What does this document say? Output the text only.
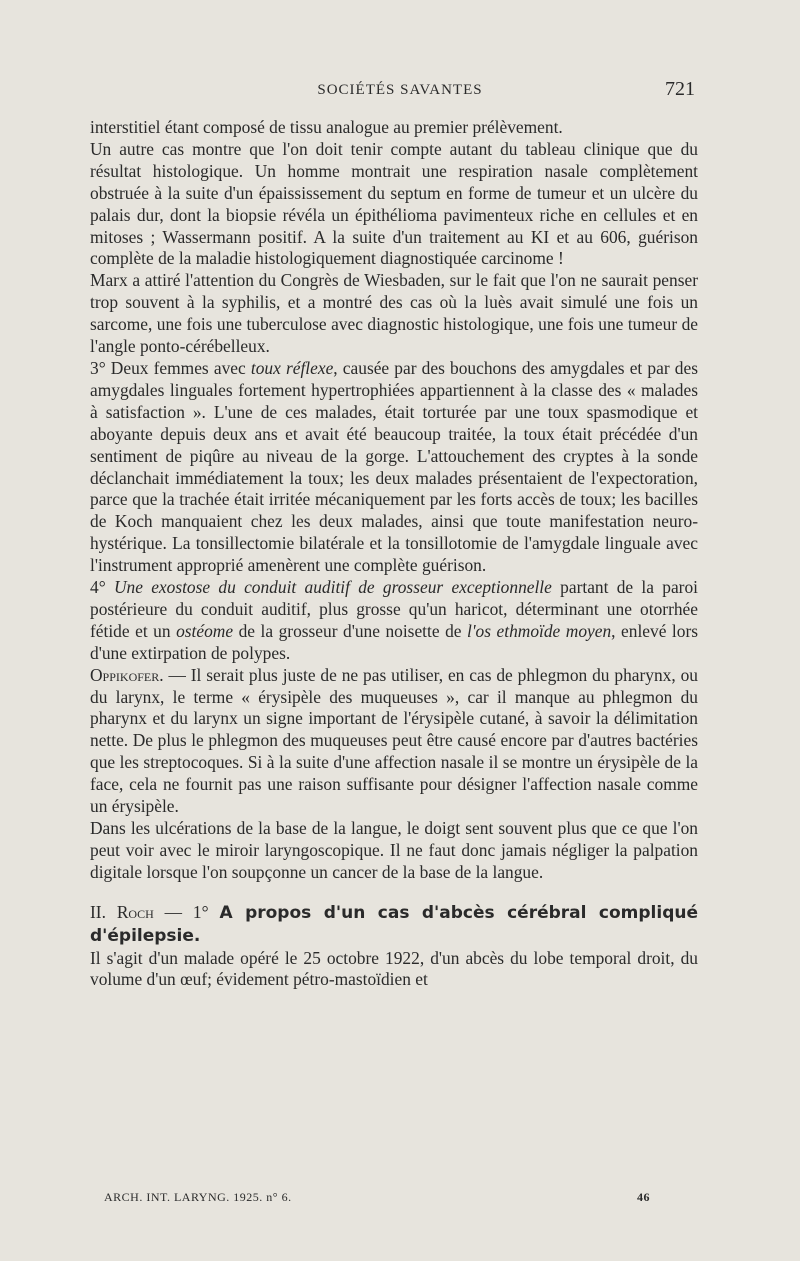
SOCIÉTÉS SAVANTES	721

interstitiel étant composé de tissu analogue au premier prélèvement.

Un autre cas montre que l'on doit tenir compte autant du tableau clinique que du résultat histologique. Un homme montrait une respiration nasale complètement obstruée à la suite d'un épaississement du septum en forme de tumeur et un ulcère du palais dur, dont la biopsie révéla un épithélioma pavimenteux riche en cellules et en mitoses ; Wassermann positif. A la suite d'un traitement au KI et au 606, guérison complète de la maladie histologiquement diagnostiquée carcinome !

Marx a attiré l'attention du Congrès de Wiesbaden, sur le fait que l'on ne saurait penser trop souvent à la syphilis, et a montré des cas où la luès avait simulé une fois un sarcome, une fois une tuberculose avec diagnostic histologique, une fois une tumeur de l'angle ponto-cérébelleux.

3° Deux femmes avec toux réflexe, causée par des bouchons des amygdales et par des amygdales linguales fortement hypertrophiées appartiennent à la classe des « malades à satisfaction ». L'une de ces malades, était torturée par une toux spasmodique et aboyante depuis deux ans et avait été beaucoup traitée, la toux était précédée d'un sentiment de piqûre au niveau de la gorge. L'attouchement des cryptes à la sonde déclanchait immédiatement la toux; les deux malades présentaient de l'expectoration, parce que la trachée était irritée mécaniquement par les forts accès de toux; les bacilles de Koch manquaient chez les deux malades, ainsi que toute manifestation neuro-hystérique. La tonsillectomie bilatérale et la tonsillotomie de l'amygdale linguale avec l'instrument approprié amenèrent une complète guérison.

4° Une exostose du conduit auditif de grosseur exceptionnelle partant de la paroi postérieure du conduit auditif, plus grosse qu'un haricot, déterminant une otorrhée fétide et un ostéome de la grosseur d'une noisette de l'os ethmoïde moyen, enlevé lors d'une extirpation de polypes.

Oppikofer. — Il serait plus juste de ne pas utiliser, en cas de phlegmon du pharynx, ou du larynx, le terme « érysipèle des muqueuses », car il manque au phlegmon du pharynx et du larynx un signe important de l'érysipèle cutané, à savoir la délimitation nette. De plus le phlegmon des muqueuses peut être causé encore par d'autres bactéries que les streptocoques. Si à la suite d'une affection nasale il se montre un érysipèle de la face, cela ne fournit pas une raison suffisante pour désigner l'affection nasale comme un érysipèle.

Dans les ulcérations de la base de la langue, le doigt sent souvent plus que ce que l'on peut voir avec le miroir laryngoscopique. Il ne faut donc jamais négliger la palpation digitale lorsque l'on soupçonne un cancer de la base de la langue.

II. Roch — 1° A propos d'un cas d'abcès cérébral compliqué d'épilepsie.

Il s'agit d'un malade opéré le 25 octobre 1922, d'un abcès du lobe temporal droit, du volume d'un œuf; évidement pétro-mastoïdien et

ARCH. INT. LARYNG. 1925. n° 6.	46
